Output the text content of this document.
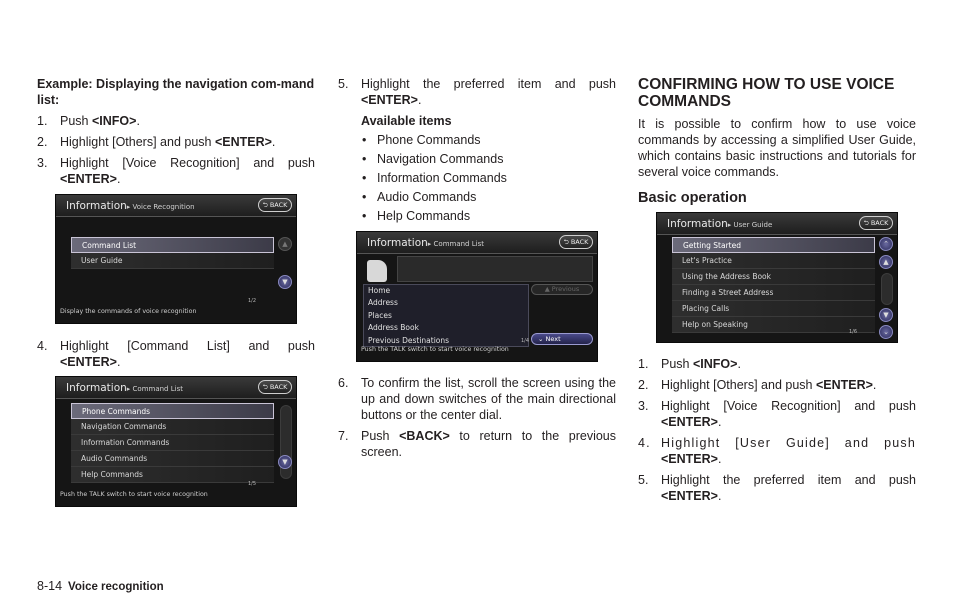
Example: Displaying the navigation com-mand list:
1. Push <INFO>.
2. Highlight [Others] and push <ENTER>.
3. Highlight [Voice Recognition] and push <ENTER>.
Information▸ Voice Recognition	⮌ BACK
Command List
User Guide
▲
▼
1/2
Display the commands of voice recognition
4. Highlight [Command List] and push <ENTER>.
Information▸ Command List	⮌ BACK
Phone Commands
Navigation Commands
Information Commands
Audio Commands
Help Commands
▼
1/5
Push the TALK switch to start voice recognition
5. Highlight the preferred item and push <ENTER>.
Available items
• Phone Commands
• Navigation Commands
• Information Commands
• Audio Commands
• Help Commands
Information▸ Command List	⮌ BACK
Home
Address
Places
Address Book
Previous Destinations
▲ Previous
⌄ Next
1/4
Push the TALK switch to start voice recognition
6. To confirm the list, scroll the screen using the up and down switches of the main directional buttons or the center dial.
7. Push <BACK> to return to the previous screen.
CONFIRMING HOW TO USE VOICE COMMANDS
It is possible to confirm how to use voice commands by accessing a simplified User Guide, which contains basic instructions and tutorials for several voice commands.
Basic operation
Information▸ User Guide	⮌ BACK
Getting Started
Let's Practice
Using the Address Book
Finding a Street Address
Placing Calls
Help on Speaking
⌃
▲
▼
⌄
1/6
1. Push <INFO>.
2. Highlight [Others] and push <ENTER>.
3. Highlight [Voice Recognition] and push <ENTER>.
4. Highlight [User Guide] and push <ENTER>.
5. Highlight the preferred item and push <ENTER>.
8-14 Voice recognition
